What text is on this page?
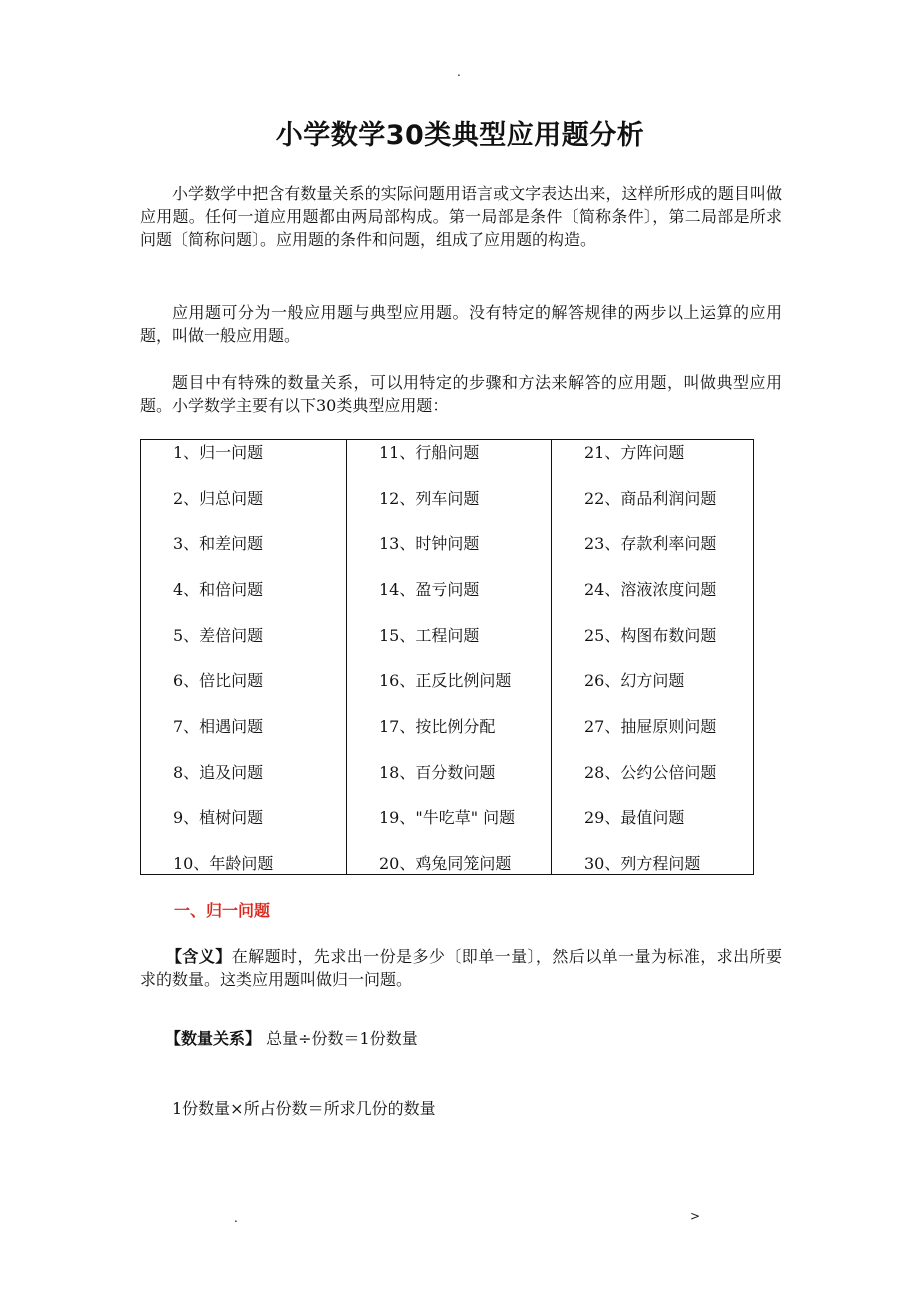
.
小学数学30类典型应用题分析

小学数学中把含有数量关系的实际问题用语言或文字表达出来，这样所形成的题目叫做应用题。任何一道应用题都由两局部构成。第一局部是条件〔简称条件〕，第二局部是所求问题〔简称问题〕。应用题的条件和问题，组成了应用题的构造。

应用题可分为一般应用题与典型应用题。没有特定的解答规律的两步以上运算的应用题，叫做一般应用题。

题目中有特殊的数量关系，可以用特定的步骤和方法来解答的应用题，叫做典型应用题。小学数学主要有以下30类典型应用题：

1、归一问题
2、归总问题
3、和差问题
4、和倍问题
5、差倍问题
6、倍比问题
7、相遇问题
8、追及问题
9、植树问题
10、年龄问题
11、行船问题
12、列车问题
13、时钟问题
14、盈亏问题
15、工程问题
16、正反比例问题
17、按比例分配
18、百分数问题
19、"牛吃草" 问题
20、鸡兔同笼问题
21、方阵问题
22、商品利润问题
23、存款利率问题
24、溶液浓度问题
25、构图布数问题
26、幻方问题
27、抽屉原则问题
28、公约公倍问题
29、最值问题
30、列方程问题
一、归一问题

【含义】在解题时，先求出一份是多少〔即单一量〕，然后以单一量为标准，求出所要求的数量。这类应用题叫做归一问题。

【数量关系】 总量÷份数＝1份数量
1份数量×所占份数＝所求几份的数量
.	>
